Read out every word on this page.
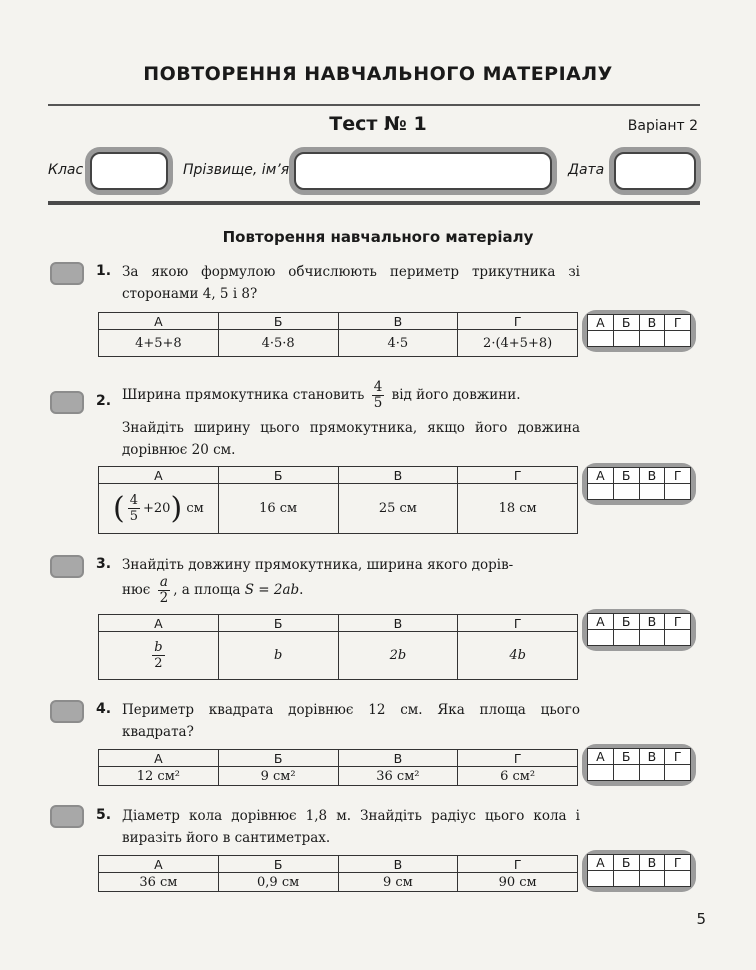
ПОВТОРЕННЯ НАВЧАЛЬНОГО МАТЕРІАЛУ
Тест № 1	Варіант 2
Клас	Прізвище, ім’я	Дата
Повторення навчального матеріалу
1. За якою формулою обчислюють периметр трикутника зі сторонами 4, 5 і 8?
А	Б	В	Г
4+5+8	4·5·8	4·5	2·(4+5+8)
А	Б	В	Г

2. Ширина прямокутника становить $\frac{4}{5}$ від його довжини.
Знайдіть ширину цього прямокутника, якщо його довжина дорівнює 20 см.
А	Б	В	Г
( $\frac{4}{5} +20$) см	16 см	25 см	18 см
А	Б	В	Г

3. Знайдіть довжину прямокутника, ширина якого дорів-
нює $\frac{a}{2}$ , а площа S = 2ab.
А	Б	В	Г

$\frac{b}{2}$	b	2b	4b
А	Б	В	Г

4. Периметр квадрата дорівнює 12 см. Яка площа цього квадрата?
А	Б	В	Г
12 см²	9 см²	36 см²	6 см²
А	Б	В	Г

5. Діаметр кола дорівнює 1,8 м. Знайдіть радіус цього кола і виразіть його в сантиметрах.
А	Б	В	Г
36 см	0,9 см	9 см	90 см
А	Б	В	Г

5
